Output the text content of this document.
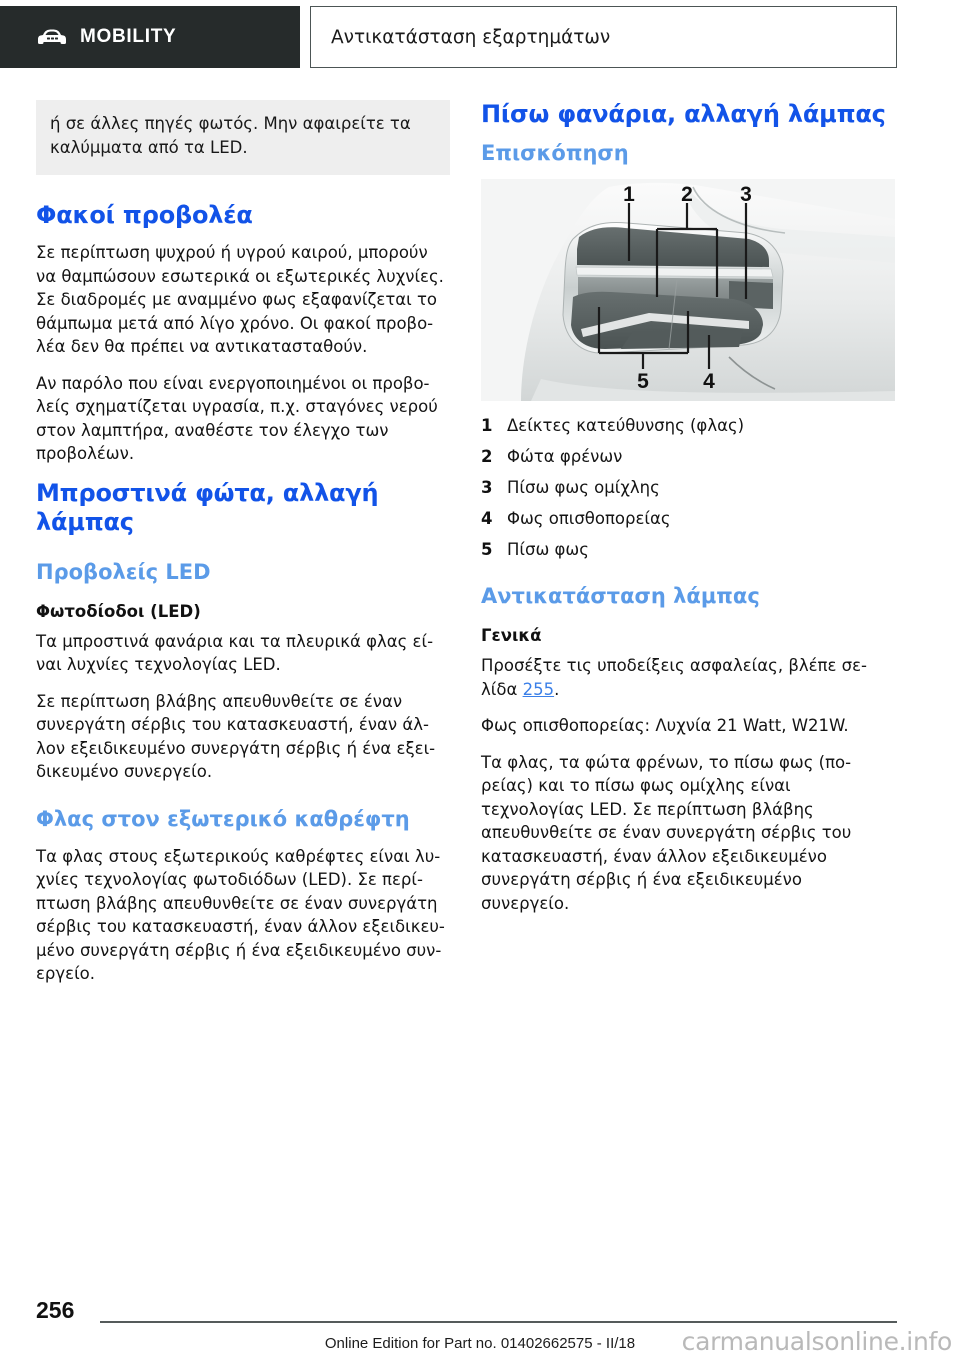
MOBILITY	Αντικατάσταση εξαρτημάτων

ή σε άλλες πηγές φωτός. Μην αφαιρείτε τα καλύμματα από τα LED.

Φακοί προβολέα

Σε περίπτωση ψυχρού ή υγρού καιρού, μπορούν να θαμπώσουν εσωτερικά οι εξωτερικές λυχνίες. Σε διαδρομές με αναμμένο φως εξαφανίζεται το θάμπωμα μετά από λίγο χρόνο. Οι φακοί προβολέα δεν θα πρέπει να αντικατασταθούν.

Αν παρόλο που είναι ενεργοποιημένοι οι προβολείς σχηματίζεται υγρασία, π.χ. σταγόνες νερού στον λαμπτήρα, αναθέστε τον έλεγχο των προβολέων.

Μπροστινά φώτα, αλλαγή λάμπας
Προβολείς LED
Φωτοδίοδοι (LED)

Τα μπροστινά φανάρια και τα πλευρικά φλας είναι λυχνίες τεχνολογίας LED.

Σε περίπτωση βλάβης απευθυνθείτε σε έναν συνεργάτη σέρβις του κατασκευαστή, έναν άλλον εξειδικευμένο συνεργάτη σέρβις ή ένα εξειδικευμένο συνεργείο.

Φλας στον εξωτερικό καθρέφτη

Τα φλας στους εξωτερικούς καθρέφτες είναι λυχνίες τεχνολογίας φωτοδιόδων (LED). Σε περίπτωση βλάβης απευθυνθείτε σε έναν συνεργάτη σέρβις του κατασκευαστή, έναν άλλον εξειδικευμένο συνεργάτη σέρβις ή ένα εξειδικευμένο συνεργείο.

Πίσω φανάρια, αλλαγή λάμπας
Επισκόπηση
1 2 3
5	4
1 Δείκτες κατεύθυνσης (φλας)
2 Φώτα φρένων
3 Πίσω φως ομίχλης
4 Φως οπισθοπορείας
5 Πίσω φως
Αντικατάσταση λάμπας
Γενικά

Προσέξτε τις υποδείξεις ασφαλείας, βλέπε σελίδα 255.

Φως οπισθοπορείας: Λυχνία 21 Watt, W21W.

Τα φλας, τα φώτα φρένων, το πίσω φως (πορείας) και το πίσω φως ομίχλης είναι τεχνολογίας LED. Σε περίπτωση βλάβης απευθυνθείτε σε έναν συνεργάτη σέρβις του κατασκευαστή, έναν άλλον εξειδικευμένο συνεργάτη σέρβις ή ένα εξειδικευμένο συνεργείο.

256
Online Edition for Part no. 01402662575 - II/18	carmanualsonline.info
